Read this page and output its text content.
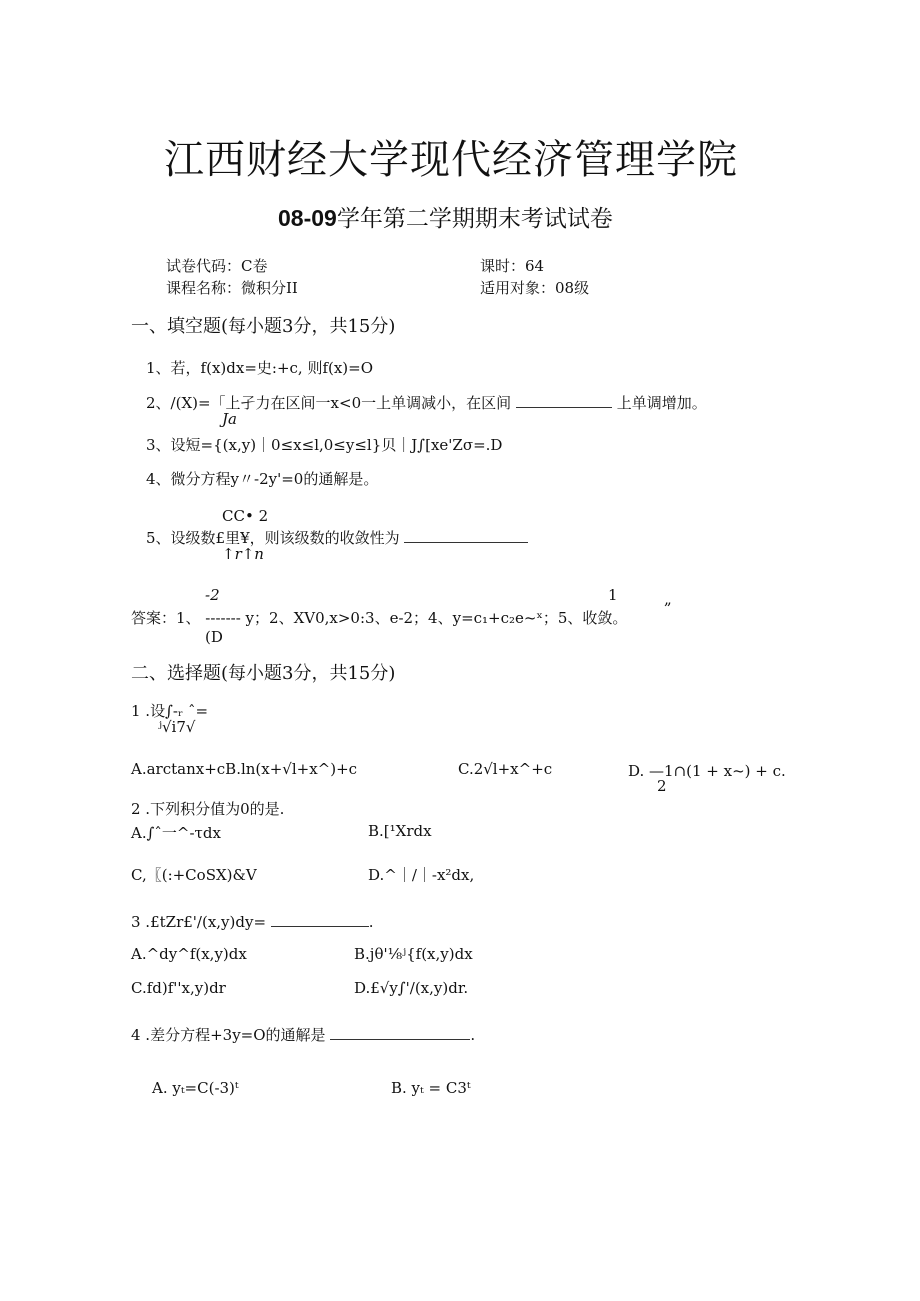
江西财经大学现代经济管理学院
08-09学年第二学期期末考试试卷
试卷代码：C卷	课时：64
课程名称：微积分II	适用对象：08级
一、填空题(每小题3分，共15分)
1、若，f(x)dx=史:+c, 则f(x)=O
2、/(X)=「上孑力在区间一x<0一上单调减小，在区间	上单调增加。
Ja
3、设短={(x,y)｜0≤x≤l,0≤y≤l}贝｜J∫[xe'Zσ=.D
4、微分方程y〃-2y'=0的通解是。
CC• 2
5、设级数£里¥，则该级数的收敛性为
↑r↑n
-2	1	„
答案：1、 ------- y；2、XV0,x>0:3、e-2；4、y=c₁+c₂e~ˣ；5、收敛。
(D
二、选择题(每小题3分，共15分)
1 .设∫-ᵣ ˆ=
ʲ√i7√
A.arctanx+cB.ln(x+√l+x^)+c	C.2√l+x^+c	D. —1∩(1 + x~) + c.
2
2 .下列积分值为0的是.
A.∫ˆ一^-τdx	B.[¹Xrdx
C,〖(:+CoSX)&V	D.^｜/｜-x²dx,
3 .£tZr£'/(x,y)dy=	.
A.^dy^f(x,y)dx	B.jθ'⅛ʲ{f(x,y)dx
C.fd)f''x,y)dr	D.£√y∫'/(x,y)dr.
4 .差分方程+3y=O的通解是	.
A. yₜ=C(-3)ᵗ	B. yₜ = C3ᵗ
